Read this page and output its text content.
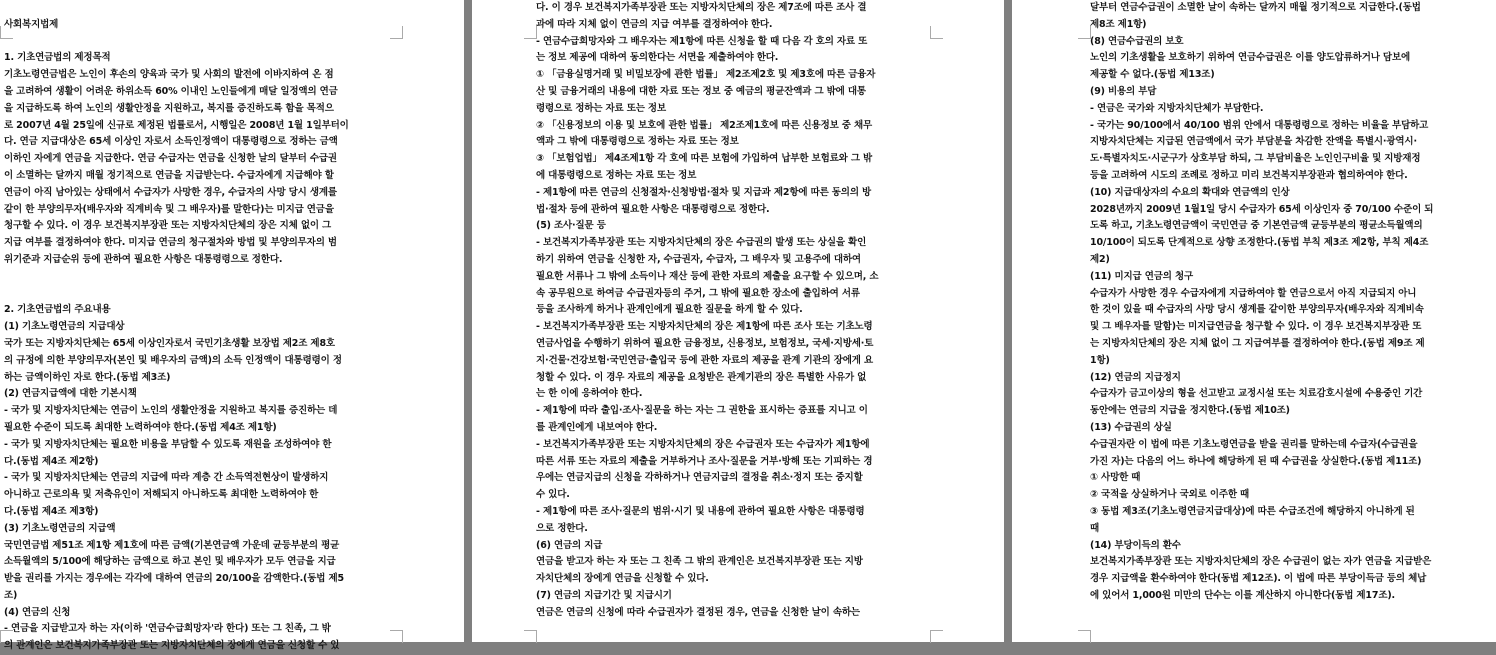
사회복지법제
1. 기초연금법의 제정목적
기초노령연금법은 노인이 후손의 양육과 국가 및 사회의 발전에 이바지하여 온 점
을 고려하여 생활이 어려운 하위소득 60% 이내인 노인들에게 매달 일정액의 연금
을 지급하도록 하여 노인의 생활안정을 지원하고, 복지를 증진하도록 함을 목적으
로 2007년 4월 25일에 신규로 제정된 법률로서, 시행일은 2008년 1월 1일부터이
다. 연금 지급대상은 65세 이상인 자로서 소득인정액이 대통령령으로 정하는 금액
이하인 자에게 연금을 지급한다. 연금 수급자는 연금을 신청한 날의 달부터 수급권
이 소멸하는 달까지 매월 정기적으로 연금을 지급받는다. 수급자에게 지급해야 할
연금이 아직 남아있는 상태에서 수급자가 사망한 경우, 수급자의 사망 당시 생계를
같이 한 부양의무자(배우자와 직계비속 및 그 배우자)를 말한다)는 미지급 연금을
청구할 수 있다. 이 경우 보건복지부장관 또는 지방자치단체의 장은 지체 없이 그
지급 여부를 결정하여야 한다. 미지급 연금의 청구절차와 방법 및 부양의무자의 범
위기준과 지급순위 등에 관하여 필요한 사항은 대통령령으로 정한다.
2. 기초연금법의 주요내용
(1) 기초노령연금의 지급대상
국가 또는 지방자치단체는 65세 이상인자로서 국민기초생활 보장법 제2조 제8호
의 규정에 의한 부양의무자(본인 및 배우자의 금액)의 소득 인정액이 대통령령이 정
하는 금액이하인 자로 한다.(동법 제3조)
(2) 연금지급액에 대한 기본시책
- 국가 및 지방자치단체는 연금이 노인의 생활안정을 지원하고 복지를 증진하는 데
필요한 수준이 되도록 최대한 노력하여야 한다.(동법 제4조 제1항)
- 국가 및 지방자치단체는 필요한 비용을 부담할 수 있도록 재원을 조성하여야 한
다.(동법 제4조 제2항)
- 국가 및 지방자치단체는 연금의 지급에 따라 계층 간 소득역전현상이 발생하지
아니하고 근로의욕 및 저축유인이 저해되지 아니하도록 최대한 노력하여야 한
다.(동법 제4조 제3항)
(3) 기초노령연금의 지급액
국민연금법 제51조 제1항 제1호에 따른 금액(기본연금액 가운데 균등부분의 평균
소득월액의 5/100에 해당하는 금액으로 하고 본인 및 배우자가 모두 연금을 지급
받을 권리를 가지는 경우에는 각각에 대하여 연금의 20/100을 감액한다.(동법 제5
조)
(4) 연금의 신청
- 연금을 지급받고자 하는 자(이하 '연금수급희망자'라 한다) 또는 그 친족, 그 밖
의 관계인은 보건복지가족부장관 또는 지방자치단체의 장에게 연금을 신청할 수 있
다. 이 경우 보건복지가족부장관 또는 지방자치단체의 장은 제7조에 따른 조사 결
과에 따라 지체 없이 연금의 지급 여부를 결정하여야 한다.
- 연금수급희망자와 그 배우자는 제1항에 따른 신청을 할 때 다음 각 호의 자료 또
는 정보 제공에 대하여 동의한다는 서면을 제출하여야 한다.
① 「금융실명거래 및 비밀보장에 관한 법률」 제2조제2호 및 제3호에 따른 금융자
산 및 금융거래의 내용에 대한 자료 또는 정보 중 예금의 평균잔액과 그 밖에 대통
령령으로 정하는 자료 또는 정보
② 「신용정보의 이용 및 보호에 관한 법률」 제2조제1호에 따른 신용정보 중 채무
액과 그 밖에 대통령령으로 정하는 자료 또는 정보
③ 「보험업법」 제4조제1항 각 호에 따른 보험에 가입하여 납부한 보험료와 그 밖
에 대통령령으로 정하는 자료 또는 정보
- 제1항에 따른 연금의 신청절차·신청방법·절차 및 지급과 제2항에 따른 동의의 방
법·절차 등에 관하여 필요한 사항은 대통령령으로 정한다.
(5) 조사·질문 등
- 보건복지가족부장관 또는 지방자치단체의 장은 수급권의 발생 또는 상실을 확인
하기 위하여 연금을 신청한 자, 수급권자, 수급자, 그 배우자 및 고용주에 대하여
필요한 서류나 그 밖에 소득이나 재산 등에 관한 자료의 제출을 요구할 수 있으며, 소
속 공무원으로 하여금 수급권자등의 주거, 그 밖에 필요한 장소에 출입하여 서류
등을 조사하게 하거나 관계인에게 필요한 질문을 하게 할 수 있다.
- 보건복지가족부장관 또는 지방자치단체의 장은 제1항에 따른 조사 또는 기초노령
연금사업을 수행하기 위하여 필요한 금융정보, 신용정보, 보험정보, 국세·지방세·토
지·건물·건강보험·국민연금·출입국 등에 관한 자료의 제공을 관계 기관의 장에게 요
청할 수 있다. 이 경우 자료의 제공을 요청받은 관계기관의 장은 특별한 사유가 없
는 한 이에 응하여야 한다.
- 제1항에 따라 출입·조사·질문을 하는 자는 그 권한을 표시하는 증표를 지니고 이
를 관계인에게 내보여야 한다.
- 보건복지가족부장관 또는 지방자치단체의 장은 수급권자 또는 수급자가 제1항에
따른 서류 또는 자료의 제출을 거부하거나 조사·질문을 거부·방해 또는 기피하는 경
우에는 연금지급의 신청을 각하하거나 연금지급의 결정을 취소·정지 또는 중지할
수 있다.
- 제1항에 따른 조사·질문의 범위·시기 및 내용에 관하여 필요한 사항은 대통령령
으로 정한다.
(6) 연금의 지급
연금을 받고자 하는 자 또는 그 친족 그 밖의 관계인은 보건복지부장관 또는 지방
자치단체의 장에게 연금을 신청할 수 있다.
(7) 연금의 지급기간 및 지급시기
연금은 연금의 신청에 따라 수급권자가 결정된 경우, 연금을 신청한 날이 속하는
달부터 연금수급권이 소멸한 날이 속하는 달까지 매월 정기적으로 지급한다.(동법
제8조 제1항)
(8) 연금수급권의 보호
노인의 기초생활을 보호하기 위하여 연금수급권은 이를 양도압류하거나 담보에
제공할 수 없다.(동법 제13조)
(9) 비용의 부담
- 연금은 국가와 지방자치단체가 부담한다.
- 국가는 90/100에서 40/100 범위 안에서 대통령령으로 정하는 비율을 부담하고
지방자치단체는 지급된 연금액에서 국가 부담분을 차감한 잔액을 특별시·광역시·
도·특별자치도·시군구가 상호부담 하되, 그 부담비율은 노인인구비율 및 지방재정
등을 고려하여 시도의 조례로 정하고 미리 보건복지부장관과 협의하여야 한다.
(10) 지급대상자의 수요의 확대와 연금액의 인상
2028년까지 2009년 1월1일 당시 수급자가 65세 이상인자 중 70/100 수준이 되
도록 하고, 기초노령연금액이 국민연금 중 기본연금액 균등부분의 평균소득월액의
10/100이 되도록 단계적으로 상향 조정한다.(동법 부칙 제3조 제2항, 부칙 제4조
제2)
(11) 미지급 연금의 청구
수급자가 사망한 경우 수급자에게 지급하여야 할 연금으로서 아직 지급되지 아니
한 것이 있을 때 수급자의 사망 당시 생계를 같이한 부양의무자(배우자와 직계비속
및 그 배우자를 말함)는 미지급연금을 청구할 수 있다. 이 경우 보건복지부장관 또
는 지방자치단체의 장은 지체 없이 그 지급여부를 결정하여야 한다.(동법 제9조 제
1항)
(12) 연금의 지급정지
수급자가 금고이상의 형을 선고받고 교정시설 또는 치료감호시설에 수용중인 기간
동안에는 연금의 지급을 정지한다.(동법 제10조)
(13) 수급권의 상실
수급권자란 이 법에 따른 기초노령연금을 받을 권리를 말하는데 수급자(수급권을
가진 자)는 다음의 어느 하나에 해당하게 된 때 수급권을 상실한다.(동법 제11조)
① 사망한 때
② 국적을 상실하거나 국외로 이주한 때
③ 동법 제3조(기초노령연금지급대상)에 따른 수급조건에 해당하지 아니하게 된
때
(14) 부당이득의 환수
보건복지가족부장관 또는 지방자치단체의 장은 수급권이 없는 자가 연금을 지급받은
경우 지급액을 환수하여야 한다(동법 제12조). 이 법에 따른 부당이득금 등의 체납
에 있어서 1,000원 미만의 단수는 이를 계산하지 아니한다(동법 제17조).
